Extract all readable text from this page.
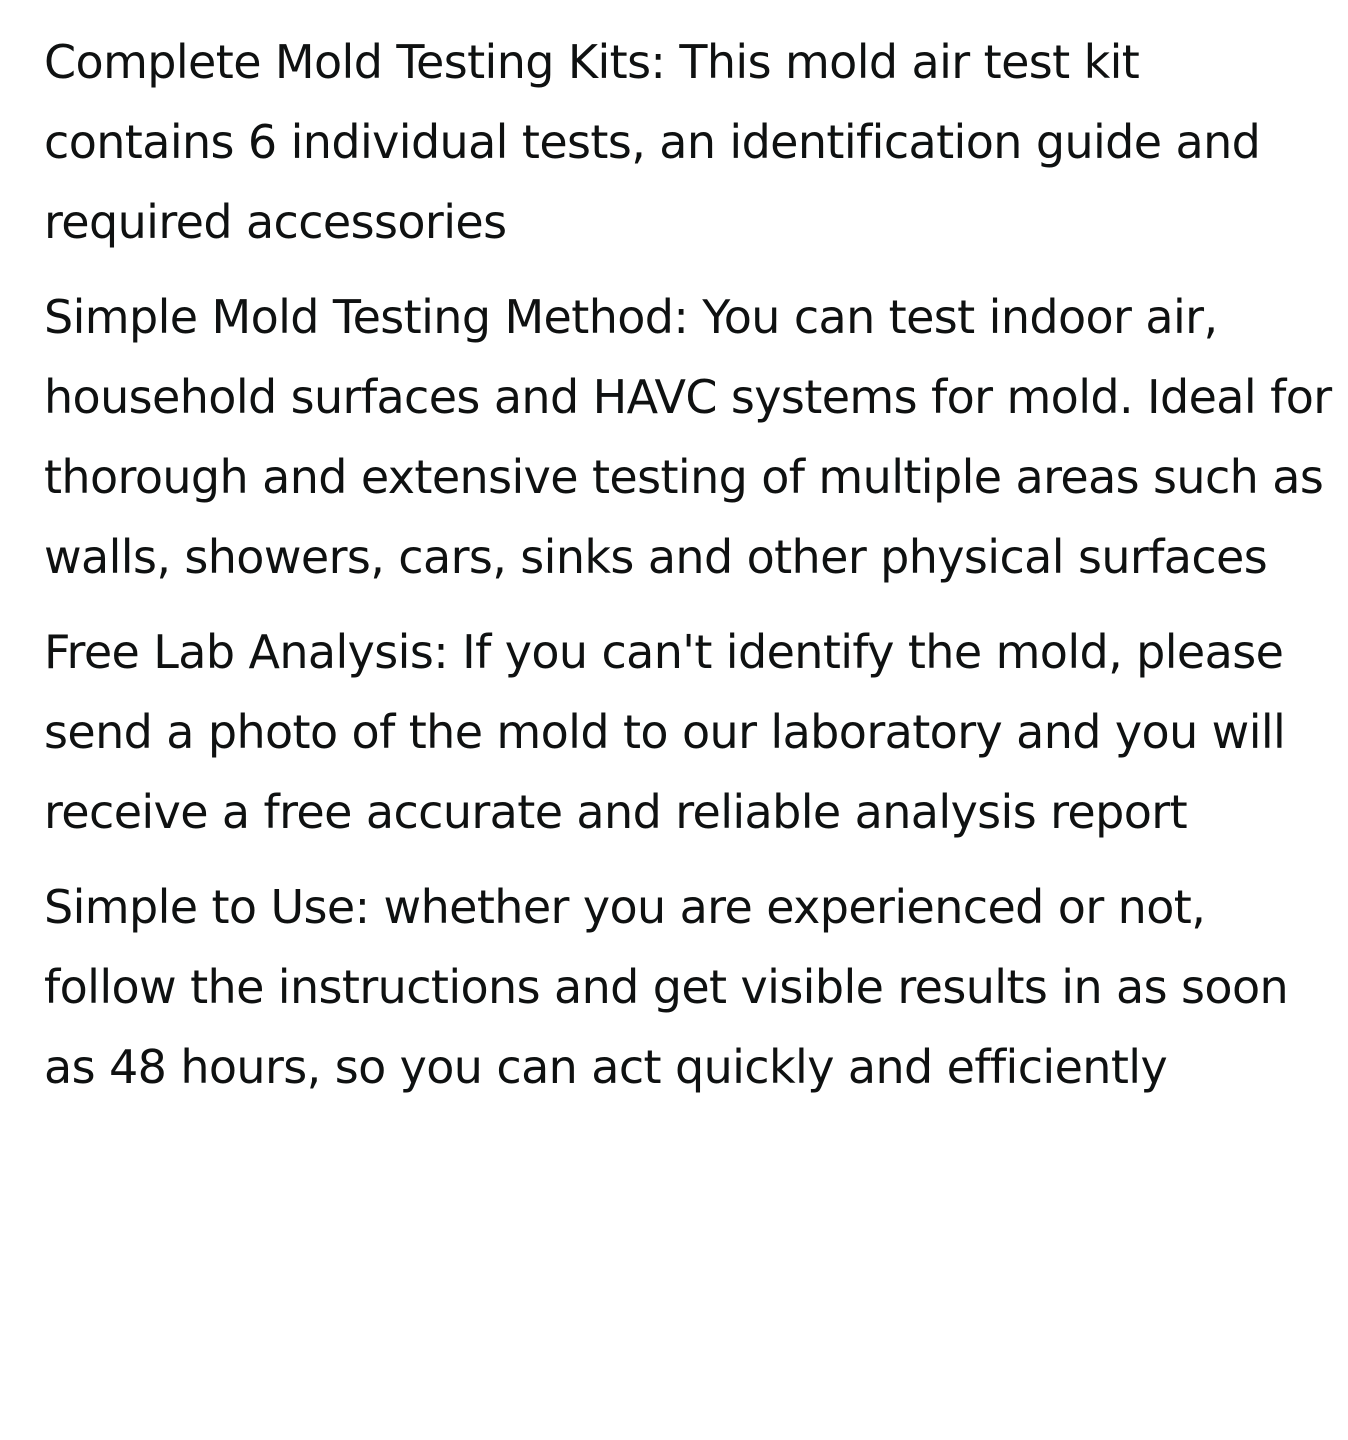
Complete Mold Testing Kits: This mold air test kit contains 6 individual tests, an identification guide and required accessories
Simple Mold Testing Method: You can test indoor air, household surfaces and HAVC systems for mold. Ideal for thorough and extensive testing of multiple areas such as walls, showers, cars, sinks and other physical surfaces
Free Lab Analysis: If you can't identify the mold, please send a photo of the mold to our laboratory and you will receive a free accurate and reliable analysis report
Simple to Use: whether you are experienced or not, follow the instructions and get visible results in as soon as 48 hours, so you can act quickly and efficiently
